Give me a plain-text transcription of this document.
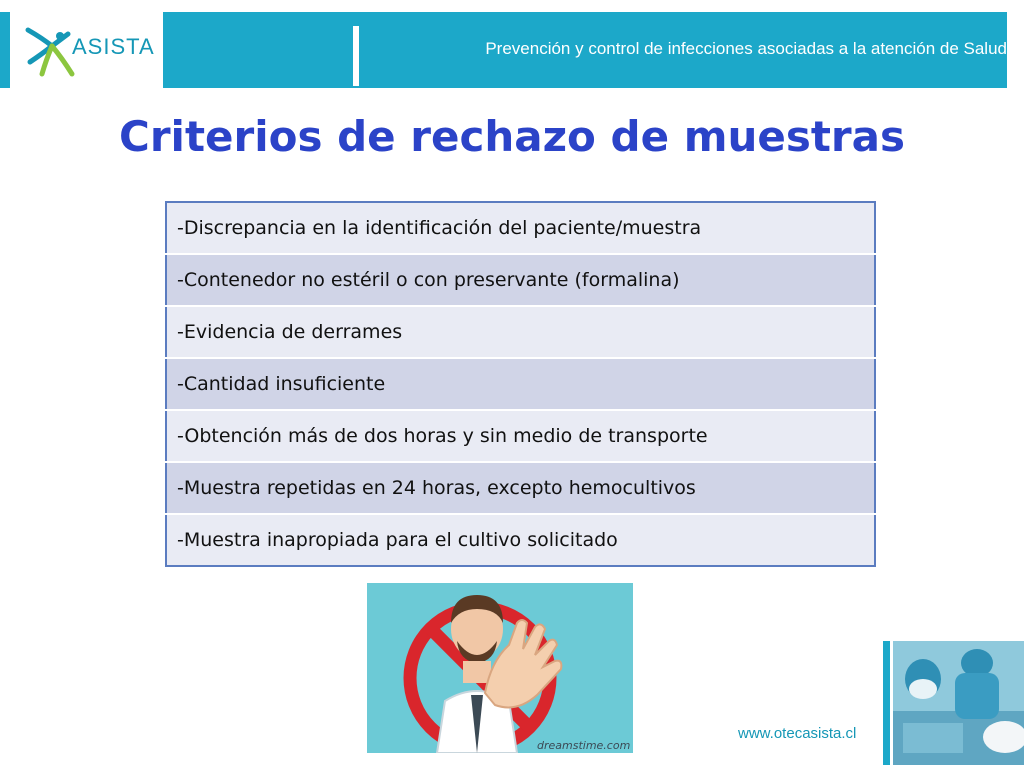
ASISTA	Prevención y control de infecciones asociadas a la atención de Salud
Criterios de rechazo de muestras
-Discrepancia en la identificación del paciente/muestra
-Contenedor no estéril o con preservante (formalina)
-Evidencia de derrames
-Cantidad insuficiente
-Obtención más de dos horas y sin medio de transporte
-Muestra repetidas en 24 horas, excepto hemocultivos
-Muestra inapropiada para el cultivo solicitado
dreamstime.com
www.otecasista.cl
